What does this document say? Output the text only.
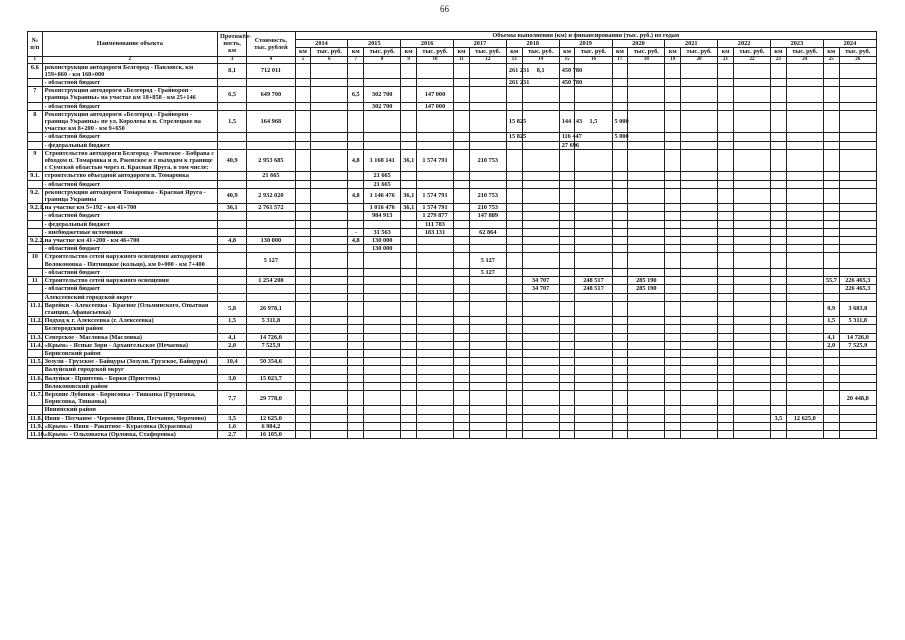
66
№ п/п	Наименование объекта	Протяжён-ность, км	Стоимость, тыс. рублей	Объемы выполнения (км) и финансирования (тыс. руб.) по годам																					
				2014		2015		2016		2017		2018		2019		2020		2021		2022		2023		2024	
				км	тыс. руб.	км	тыс. руб.	км	тыс. руб.	км	тыс. руб.	км	тыс. руб.	км	тыс. руб.	км	тыс. руб.	км	тыс. руб.	км	тыс. руб.	км	тыс. руб.	км	тыс. руб.
1	2	3	4	5	6	7	8	9	10	11	12	13	14	15	16	17	18	19	20	21	22	23	24	25	26
6.6	реконструкция автодороги Белгород - Павловск, км 159+860 - км 168+000	8,1	712 011									261 231	8,1	450 780											
	- областной бюджет											261 231		450 780											
7	Реконструкция автодороги «Белгород - Грайворон - граница Украины» на участке км 18+858 - км 25+146	6,5	649 700			6,5	302 700		147 000																
	- областной бюджет						302 700		147 000																
8	Реконструкция автодороги «Белгород - Грайворон - граница Украины» по ул. Королева в п. Стрелецкое на участке км 8+200 - км 9+650	1,5	164 968									15 825		144 143	1,5	5 000									
	- областной бюджет											15 825		116 447		5 000									
	- федеральный бюджет													27 696											
9	Строительство автодороги Белгород - Ржевское - Бобрава с обходом п. Томаровка и п. Ржевское и с выходом к границе с Сумской областью через п. Красная Яруга, в том числе:	40,9	2 953 685			4,8	1 168 141	36,1	1 574 791		210 753														
9.1.	строительство объездной автодороги п. Томаровка		21 665				21 665																		
	- областной бюджет						21 665																		
9.2.	реконструкция автодороги Томаровка - Красная Яруга - граница Украины	40,9	2 932 020			4,8	1 146 476	36,1	1 574 791		210 753														
9.2.1.	на участке км 5+192 - км 41+700	36,1	2 761 572				1 016 476	36,1	1 574 791		210 753														
	- областной бюджет						984 913		1 279 877		147 889														
	- федеральный бюджет								111 783																
	- внебюджетные источники					-	31 563		183 131		62 864														
9.2.2.	на участке км 41+200 - км 46+700	4,8	130 000			4,8	130 000																		
	- областной бюджет						130 000																		
10	Строительство сетей наружного освещения автодороги Волоконовка - Пятницкое (кольцо), км 0+000 - км 7+400		5 127								5 127														
	- областной бюджет										5 127														
11	Строительство сетей наружного освещения		1 254 208										34 707		248 517		285 190							55,7	226 465,3
	- областной бюджет												34 707		248 517		285 190								226 465,3
	Алексеевский городской округ																								
11.1.	Варейки - Алексеевка - Красное (Ольминского, Опытная станция, Афанасьевка)	5,8	26 978,1																					0,9	3 683,8
11.2.	Подход к г. Алексеевка (г. Алексеевка)	1,5	5 311,8																					1,5	5 311,8
	Белгородский район																								
11.3.	Северское - Масловка (Масловка)	4,1	14 726,0																					4,1	14 726,0
11.4.	«Крым» - Ясные Зори - Архангельское (Нечаевка)	2,0	7 525,9																					2,0	7 525,9
	Борисовский район																								
11.5.	Зозули - Грузское - Байцуры (Зозули, Грузское, Байцуры)	10,4	50 354,6																						
	Валуйский городской округ																								
11.6.	Валуйки - Принтень - Борки (Пристень)	3,0	15 023,7																						
	Волоконовский район																								
11.7.	Верхние Лубянки - Борисовка - Тишанка (Грушевка, Борисовка, Тишанка)	7,7	29 778,0																						20 448,8
	Ивнянский район																								
11.8.	Ивня - Песчаное - Черемово (Ивня, Песчаное, Черемово)	3,5	12 625,0																			3,5	12 625,0		
11.9.	«Крым» - Ивня - Ракитное - Курасовка (Курасовка)	1,6	6 984,2																						
11.10.	«Крым» - Ольховатка (Орловка, Стафоровка)	2,7	16 105,0																						
